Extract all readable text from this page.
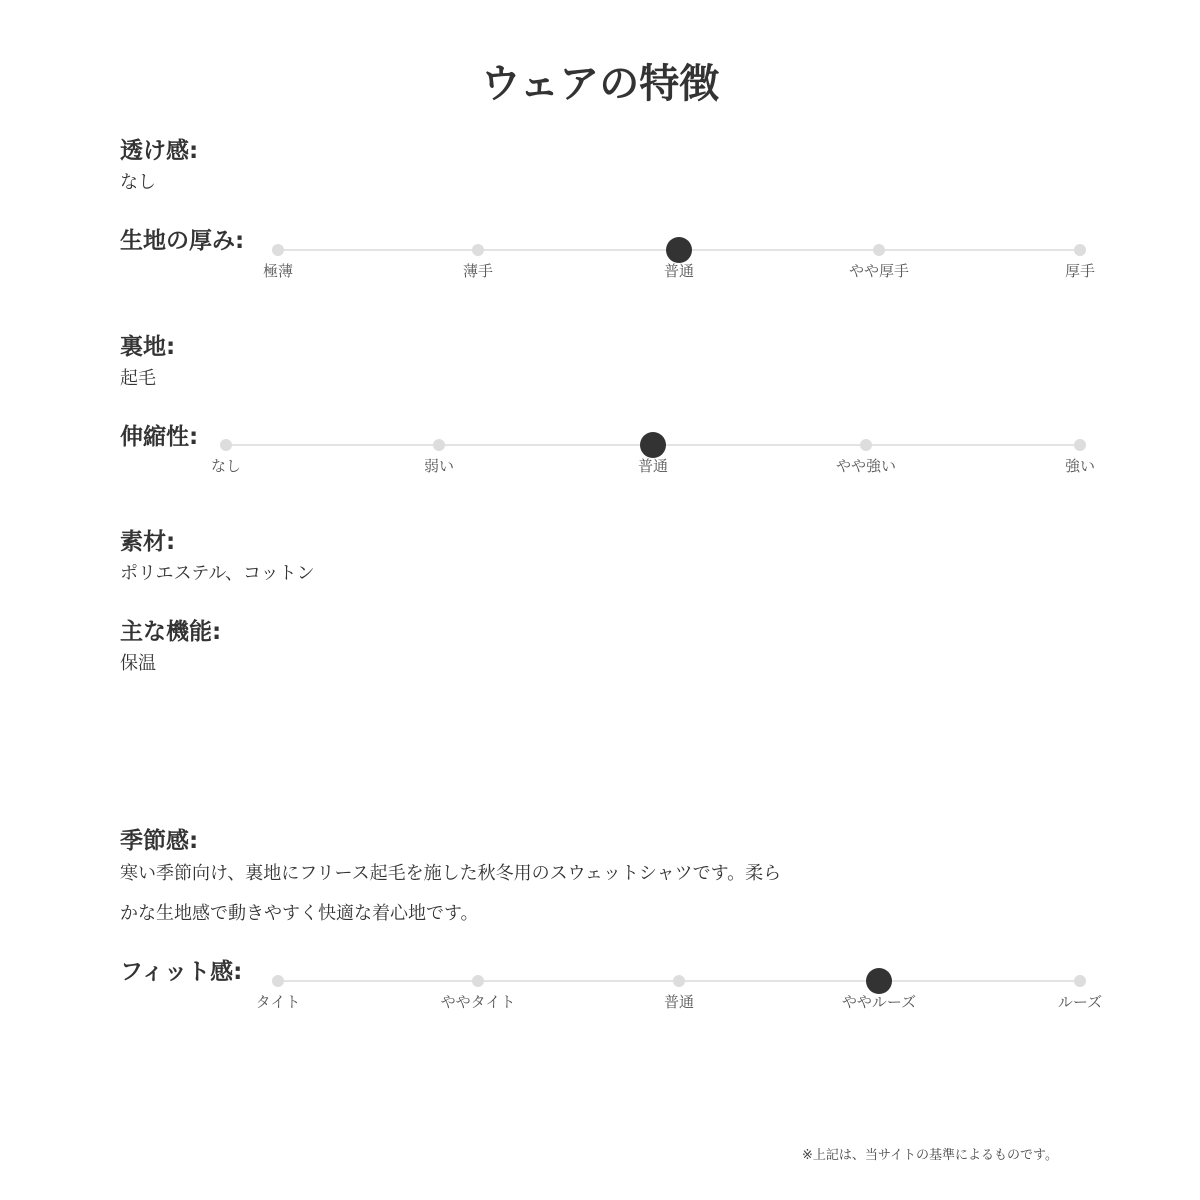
ウェアの特徴
透け感:
なし
生地の厚み:
極薄	薄手	普通	やや厚手	厚手
裏地:
起毛
伸縮性:
なし	弱い	普通	やや強い	強い
素材:
ポリエステル、コットン
主な機能:
保温
季節感:
寒い季節向け、裏地にフリース起毛を施した秋冬用のスウェットシャツです。柔ら
かな生地感で動きやすく快適な着心地です。
フィット感:
タイト	ややタイト	普通	ややルーズ	ルーズ
※上記は、当サイトの基準によるものです。
